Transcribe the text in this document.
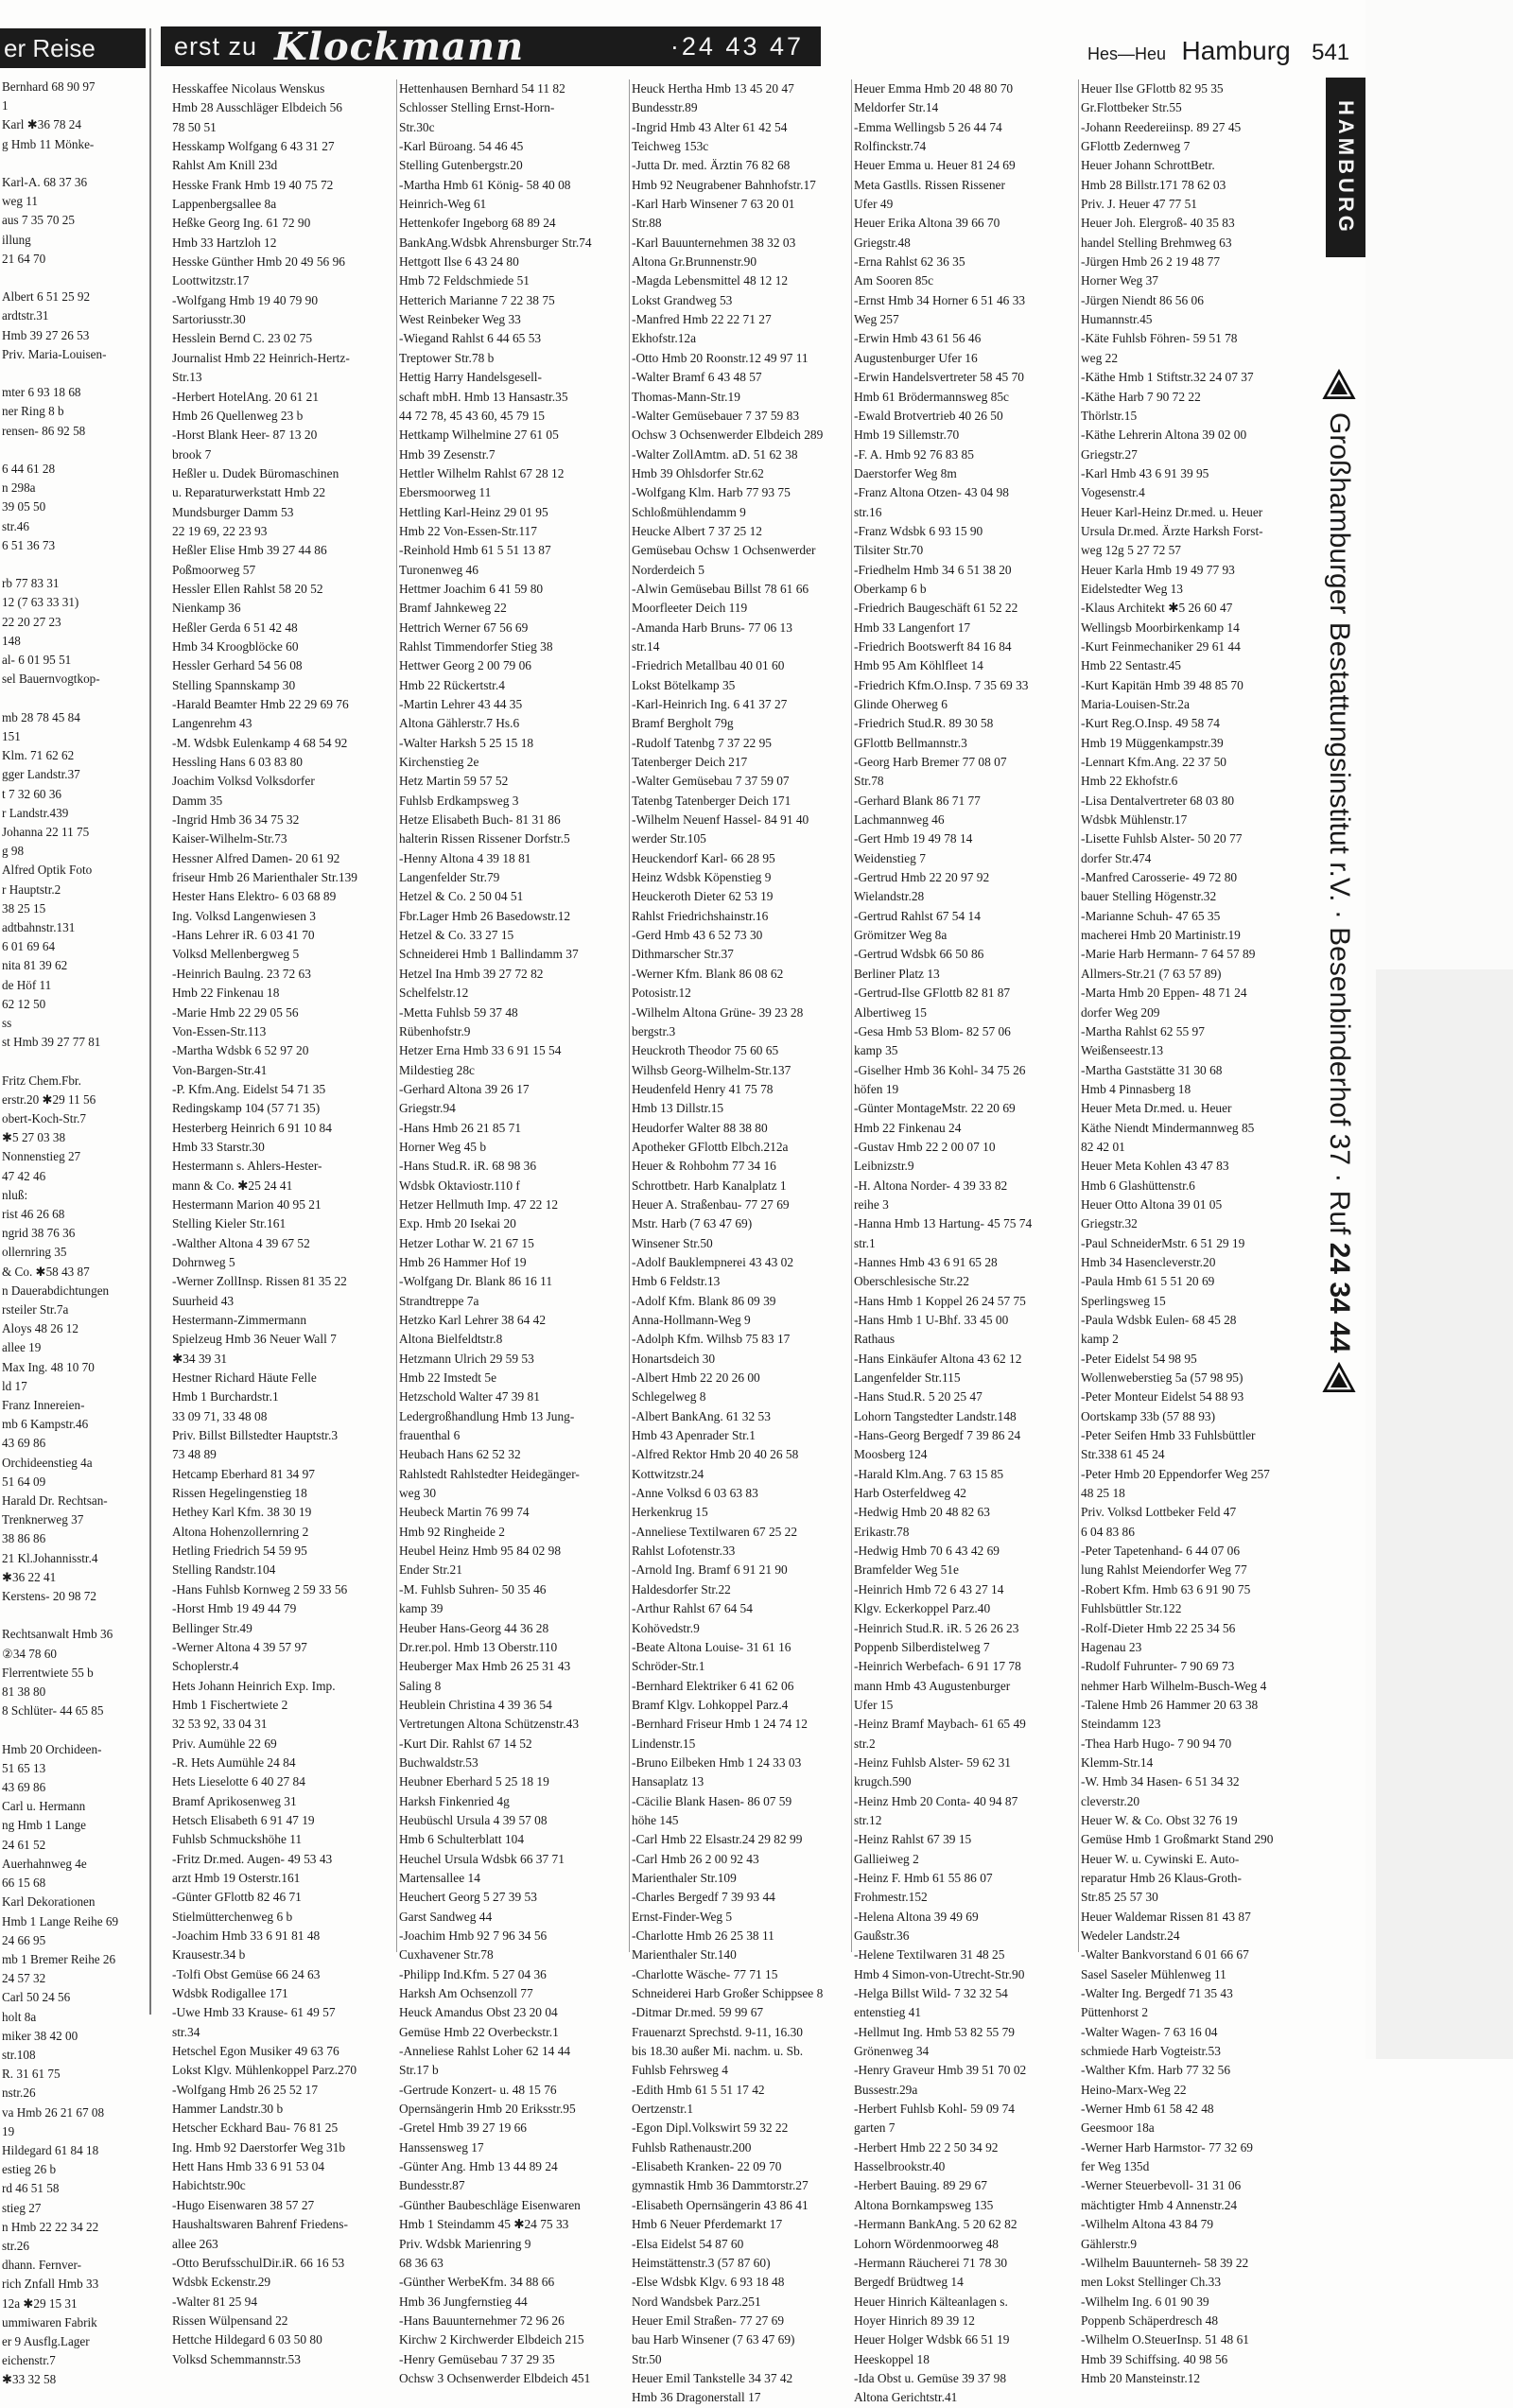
er Reise
Bernhard 68 90 97
1
Karl ✱36 78 24
g Hmb 11 Mönke-

Karl-A. 68 37 36
weg 11
aus 7 35 70 25
illung
21 64 70

Albert 6 51 25 92
ardtstr.31
Hmb 39 27 26 53
Priv. Maria-Louisen-

mter 6 93 18 68
ner Ring 8 b
rensen- 86 92 58

6 44 61 28
n 298a
39 05 50
str.46
6 51 36 73

rb 77 83 31
12 (7 63 33 31)
22 20 27 23
148
al- 6 01 95 51
sel Bauernvogtkop-

mb 28 78 45 84
151
Klm. 71 62 62
gger Landstr.37
t 7 32 60 36
r Landstr.439
Johanna 22 11 75
g 98
Alfred Optik Foto
r Hauptstr.2
38 25 15
adtbahnstr.131
6 01 69 64
nita 81 39 62
de Höf 11
62 12 50
ss
st Hmb 39 27 77 81

Fritz Chem.Fbr.
erstr.20 ✱29 11 56
obert-Koch-Str.7
✱5 27 03 38
Nonnenstieg 27
47 42 46
nluß:
rist 46 26 68
ngrid 38 76 36
ollernring 35
& Co. ✱58 43 87
n Dauerabdichtungen
rsteiler Str.7a
Aloys 48 26 12
allee 19
Max Ing. 48 10 70
ld 17
Franz Innereien-
mb 6 Kampstr.46
43 69 86
Orchideenstieg 4a
51 64 09
Harald Dr. Rechtsan-
Trenknerweg 37
38 86 86
21 Kl.Johannisstr.4
✱36 22 41
Kerstens- 20 98 72

Rechtsanwalt Hmb 36
②34 78 60
Flerrentwiete 55 b
81 38 80
8 Schlüter- 44 65 85

Hmb 20 Orchideen-
51 65 13
43 69 86
Carl u. Hermann
ng Hmb 1 Lange
24 61 52
Auerhahnweg 4e
66 15 68
Karl Dekorationen
Hmb 1 Lange Reihe 69
24 66 95
mb 1 Bremer Reihe 26
24 57 32
Carl 50 24 56
holt 8a
miker 38 42 00
str.108
R. 31 61 75
nstr.26
va Hmb 26 21 67 08
19
Hildegard 61 84 18
estieg 26 b
rd 46 51 58
stieg 27
n Hmb 22 22 34 22
str.26
dhann. Fernver-
rich Znfall Hmb 33
12a ✱29 15 31
ummiwaren Fabrik
er 9 Ausflg.Lager
eichenstr.7
✱33 32 58
erst zu Klockmann	·24 43 47	Hes—Heu Hamburg 541
Hesskaffee Nicolaus Wenskus
Hmb 28 Ausschläger Elbdeich 56
78 50 51
Hesskamp Wolfgang 6 43 31 27
Rahlst Am Knill 23d
Hesske Frank Hmb 19 40 75 72
Lappenbergsallee 8a
Heßke Georg Ing. 61 72 90
Hmb 33 Hartzloh 12
Hesske Günther Hmb 20 49 56 96
Loottwitzstr.17
-Wolfgang Hmb 19 40 79 90
Sartoriusstr.30
Hesslein Bernd C. 23 02 75
Journalist Hmb 22 Heinrich-Hertz-
Str.13
-Herbert HotelAng. 20 61 21
Hmb 26 Quellenweg 23 b
-Horst Blank Heer- 87 13 20
brook 7
Heßler u. Dudek Büromaschinen
u. Reparaturwerkstatt Hmb 22
Mundsburger Damm 53
22 19 69, 22 23 93
Heßler Elise Hmb 39 27 44 86
Poßmoorweg 57
Hessler Ellen Rahlst 58 20 52
Nienkamp 36
Heßler Gerda 6 51 42 48
Hmb 34 Kroogblöcke 60
Hessler Gerhard 54 56 08
Stelling Spannskamp 30
-Harald Beamter Hmb 22 29 69 76
Langenrehm 43
-M. Wdsbk Eulenkamp 4 68 54 92
Hessling Hans 6 03 83 80
Joachim Volksd Volksdorfer
Damm 35
-Ingrid Hmb 36 34 75 32
Kaiser-Wilhelm-Str.73
Hessner Alfred Damen- 20 61 92
friseur Hmb 26 Marienthaler Str.139
Hester Hans Elektro- 6 03 68 89
Ing. Volksd Langenwiesen 3
-Hans Lehrer iR. 6 03 41 70
Volksd Mellenbergweg 5
-Heinrich Baulng. 23 72 63
Hmb 22 Finkenau 18
-Marie Hmb 22 29 05 56
Von-Essen-Str.113
-Martha Wdsbk 6 52 97 20
Von-Bargen-Str.41
-P. Kfm.Ang. Eidelst 54 71 35
Redingskamp 104 (57 71 35)
Hesterberg Heinrich 6 91 10 84
Hmb 33 Starstr.30
Hestermann s. Ahlers-Hester-
mann & Co. ✱25 24 41
Hestermann Marion 40 95 21
Stelling Kieler Str.161
-Walther Altona 4 39 67 52
Dohrnweg 5
-Werner ZollInsp. Rissen 81 35 22
Suurheid 43
Hestermann-Zimmermann
Spielzeug Hmb 36 Neuer Wall 7
✱34 39 31
Hestner Richard Häute Felle
Hmb 1 Burchardstr.1
33 09 71, 33 48 08
Priv. Billst Billstedter Hauptstr.3
73 48 89
Hetcamp Eberhard 81 34 97
Rissen Hegelingenstieg 18
Hethey Karl Kfm. 38 30 19
Altona Hohenzollernring 2
Hetling Friedrich 54 59 95
Stelling Randstr.104
-Hans Fuhlsb Kornweg 2 59 33 56
-Horst Hmb 19 49 44 79
Bellinger Str.49
-Werner Altona 4 39 57 97
Schoplerstr.4
Hets Johann Heinrich Exp. Imp.
Hmb 1 Fischertwiete 2
32 53 92, 33 04 31
Priv. Aumühle 22 69
-R. Hets Aumühle 24 84
Hets Lieselotte 6 40 27 84
Bramf Aprikosenweg 31
Hetsch Elisabeth 6 91 47 19
Fuhlsb Schmuckshöhe 11
-Fritz Dr.med. Augen- 49 53 43
arzt Hmb 19 Osterstr.161
-Günter GFlottb 82 46 71
Stielmütterchenweg 6 b
-Joachim Hmb 33 6 91 81 48
Krausestr.34 b
-Tolfi Obst Gemüse 66 24 63
Wdsbk Rodigallee 171
-Uwe Hmb 33 Krause- 61 49 57
str.34
Hetschel Egon Musiker 49 63 76
Lokst Klgv. Mühlenkoppel Parz.270
-Wolfgang Hmb 26 25 52 17
Hammer Landstr.30 b
Hetscher Eckhard Bau- 76 81 25
Ing. Hmb 92 Daerstorfer Weg 31b
Hett Hans Hmb 33 6 91 53 04
Habichtstr.90c
-Hugo Eisenwaren 38 57 27
Haushaltswaren Bahrenf Friedens-
allee 263
-Otto BerufsschulDir.iR. 66 16 53
Wdsbk Eckenstr.29
-Walter 81 25 94
Rissen Wülpensand 22
Hettche Hildegard 6 03 50 80
Volksd Schemmannstr.53
Hettenhausen Bernhard 54 11 82
Schlosser Stelling Ernst-Horn-
Str.30c
-Karl Büroang. 54 46 45
Stelling Gutenbergstr.20
-Martha Hmb 61 König- 58 40 08
Heinrich-Weg 61
Hettenkofer Ingeborg 68 89 24
BankAng.Wdsbk Ahrensburger Str.74
Hettgott Ilse 6 43 24 80
Hmb 72 Feldschmiede 51
Hetterich Marianne 7 22 38 75
West Reinbeker Weg 33
-Wiegand Rahlst 6 44 65 53
Treptower Str.78 b
Hettig Harry Handelsgesell-
schaft mbH. Hmb 13 Hansastr.35
44 72 78, 45 43 60, 45 79 15
Hettkamp Wilhelmine 27 61 05
Hmb 39 Zesenstr.7
Hettler Wilhelm Rahlst 67 28 12
Ebersmoorweg 11
Hettling Karl-Heinz 29 01 95
Hmb 22 Von-Essen-Str.117
-Reinhold Hmb 61 5 51 13 87
Turonenweg 46
Hettmer Joachim 6 41 59 80
Bramf Jahnkeweg 22
Hettrich Werner 67 56 69
Rahlst Timmendorfer Stieg 38
Hettwer Georg 2 00 79 06
Hmb 22 Rückertstr.4
-Martin Lehrer 43 44 35
Altona Gählerstr.7 Hs.6
-Walter Harksh 5 25 15 18
Kirchenstieg 2e
Hetz Martin 59 57 52
Fuhlsb Erdkampsweg 3
Hetze Elisabeth Buch- 81 31 86
halterin Rissen Rissener Dorfstr.5
-Henny Altona 4 39 18 81
Langenfelder Str.79
Hetzel & Co. 2 50 04 51
Fbr.Lager Hmb 26 Basedowstr.12
Hetzel & Co. 33 27 15
Schneiderei Hmb 1 Ballindamm 37
Hetzel Ina Hmb 39 27 72 82
Schelfelstr.12
-Metta Fuhlsb 59 37 48
Rübenhofstr.9
Hetzer Erna Hmb 33 6 91 15 54
Mildestieg 28c
-Gerhard Altona 39 26 17
Griegstr.94
-Hans Hmb 26 21 85 71
Horner Weg 45 b
-Hans Stud.R. iR. 68 98 36
Wdsbk Oktaviostr.110 f
Hetzer Hellmuth Imp. 47 22 12
Exp. Hmb 20 Isekai 20
Hetzer Lothar W. 21 67 15
Hmb 26 Hammer Hof 19
-Wolfgang Dr. Blank 86 16 11
Strandtreppe 7a
Hetzko Karl Lehrer 38 64 42
Altona Bielfeldtstr.8
Hetzmann Ulrich 29 59 53
Hmb 22 Imstedt 5e
Hetzschold Walter 47 39 81
Ledergroßhandlung Hmb 13 Jung-
frauenthal 6
Heubach Hans 62 52 32
Rahlstedt Rahlstedter Heidegänger-
weg 30
Heubeck Martin 76 99 74
Hmb 92 Ringheide 2
Heubel Heinz Hmb 95 84 02 98
Ender Str.21
-M. Fuhlsb Suhren- 50 35 46
kamp 39
Heuber Hans-Georg 44 36 28
Dr.rer.pol. Hmb 13 Oberstr.110
Heuberger Max Hmb 26 25 31 43
Saling 8
Heublein Christina 4 39 36 54
Vertretungen Altona Schützenstr.43
-Kurt Dir. Rahlst 67 14 52
Buchwaldstr.53
Heubner Eberhard 5 25 18 19
Harksh Finkenried 4g
Heubüschl Ursula 4 39 57 08
Hmb 6 Schulterblatt 104
Heuchel Ursula Wdsbk 66 37 71
Martensallee 14
Heuchert Georg 5 27 39 53
Garst Sandweg 44
-Joachim Hmb 92 7 96 34 56
Cuxhavener Str.78
-Philipp Ind.Kfm. 5 27 04 36
Harksh Am Ochsenzoll 77
Heuck Amandus Obst 23 20 04
Gemüse Hmb 22 Overbeckstr.1
-Anneliese Rahlst Loher 62 14 44
Str.17 b
-Gertrude Konzert- u. 48 15 76
Opernsängerin Hmb 20 Eriksstr.95
-Gretel Hmb 39 27 19 66
Hanssensweg 17
-Günter Ang. Hmb 13 44 89 24
Bundesstr.87
-Günther Baubeschläge Eisenwaren
Hmb 1 Steindamm 45 ✱24 75 33
Priv. Wdsbk Marienring 9
68 36 63
-Günther WerbeKfm. 34 88 66
Hmb 36 Jungfernstieg 44
-Hans Bauunternehmer 72 96 26
Kirchw 2 Kirchwerder Elbdeich 215
-Henry Gemüsebau 7 37 29 35
Ochsw 3 Ochsenwerder Elbdeich 451
Heuck Hertha Hmb 13 45 20 47
Bundesstr.89
-Ingrid Hmb 43 Alter 61 42 54
Teichweg 153c
-Jutta Dr. med. Ärztin 76 82 68
Hmb 92 Neugrabener Bahnhofstr.17
-Karl Harb Winsener 7 63 20 01
Str.88
-Karl Bauunternehmen 38 32 03
Altona Gr.Brunnenstr.90
-Magda Lebensmittel 48 12 12
Lokst Grandweg 53
-Manfred Hmb 22 22 71 27
Ekhofstr.12a
-Otto Hmb 20 Roonstr.12 49 97 11
-Walter Bramf 6 43 48 57
Thomas-Mann-Str.19
-Walter Gemüsebauer 7 37 59 83
Ochsw 3 Ochsenwerder Elbdeich 289
-Walter ZollAmtm. aD. 51 62 38
Hmb 39 Ohlsdorfer Str.62
-Wolfgang Klm. Harb 77 93 75
Schloßmühlendamm 9
Heucke Albert 7 37 25 12
Gemüsebau Ochsw 1 Ochsenwerder
Norderdeich 5
-Alwin Gemüsebau Billst 78 61 66
Moorfleeter Deich 119
-Amanda Harb Bruns- 77 06 13
str.14
-Friedrich Metallbau 40 01 60
Lokst Bötelkamp 35
-Karl-Heinrich Ing. 6 41 37 27
Bramf Bergholt 79g
-Rudolf Tatenbg 7 37 22 95
Tatenberger Deich 217
-Walter Gemüsebau 7 37 59 07
Tatenbg Tatenberger Deich 171
-Wilhelm Neuenf Hassel- 84 91 40
werder Str.105
Heuckendorf Karl- 66 28 95
Heinz Wdsbk Köpenstieg 9
Heuckeroth Dieter 62 53 19
Rahlst Friedrichshainstr.16
-Gerd Hmb 43 6 52 73 30
Dithmarscher Str.37
-Werner Kfm. Blank 86 08 62
Potosistr.12
-Wilhelm Altona Grüne- 39 23 28
bergstr.3
Heuckroth Theodor 75 60 65
Wilhsb Georg-Wilhelm-Str.137
Heudenfeld Henry 41 75 78
Hmb 13 Dillstr.15
Heudorfer Walter 88 38 80
Apotheker GFlottb Elbch.212a
Heuer & Rohbohm 77 34 16
Schrottbetr. Harb Kanalplatz 1
Heuer A. Straßenbau- 77 27 69
Mstr. Harb (7 63 47 69)
Winsener Str.50
-Adolf Bauklempnerei 43 43 02
Hmb 6 Feldstr.13
-Adolf Kfm. Blank 86 09 39
Anna-Hollmann-Weg 9
-Adolph Kfm. Wilhsb 75 83 17
Honartsdeich 30
-Albert Hmb 22 20 26 00
Schlegelweg 8
-Albert BankAng. 61 32 53
Hmb 43 Apenrader Str.1
-Alfred Rektor Hmb 20 40 26 58
Kottwitzstr.24
-Anne Volksd 6 03 63 83
Herkenkrug 15
-Anneliese Textilwaren 67 25 22
Rahlst Lofotenstr.33
-Arnold Ing. Bramf 6 91 21 90
Haldesdorfer Str.22
-Arthur Rahlst 67 64 54
Kohövedstr.9
-Beate Altona Louise- 31 61 16
Schröder-Str.1
-Bernhard Elektriker 6 41 62 06
Bramf Klgv. Lohkoppel Parz.4
-Bernhard Friseur Hmb 1 24 74 12
Lindenstr.15
-Bruno Eilbeken Hmb 1 24 33 03
Hansaplatz 13
-Cäcilie Blank Hasen- 86 07 59
höhe 145
-Carl Hmb 22 Elsastr.24 29 82 99
-Carl Hmb 26 2 00 92 43
Marienthaler Str.109
-Charles Bergedf 7 39 93 44
Ernst-Finder-Weg 5
-Charlotte Hmb 26 25 38 11
Marienthaler Str.140
-Charlotte Wäsche- 77 71 15
Schneiderei Harb Großer Schippsee 8
-Ditmar Dr.med. 59 99 67
Frauenarzt Sprechstd. 9-11, 16.30
bis 18.30 außer Mi. nachm. u. Sb.
Fuhlsb Fehrsweg 4
-Edith Hmb 61 5 51 17 42
Oertzenstr.1
-Egon Dipl.Volkswirt 59 32 22
Fuhlsb Rathenaustr.200
-Elisabeth Kranken- 22 09 70
gymnastik Hmb 36 Dammtorstr.27
-Elisabeth Opernsängerin 43 86 41
Hmb 6 Neuer Pferdemarkt 17
-Elsa Eidelst 54 87 60
Heimstättenstr.3 (57 87 60)
-Else Wdsbk Klgv. 6 93 18 48
Nord Wandsbek Parz.251
Heuer Emil Straßen- 77 27 69
bau Harb Winsener (7 63 47 69)
Str.50
Heuer Emil Tankstelle 34 37 42
Hmb 36 Dragonerstall 17
Heuer Emma Hmb 20 48 80 70
Meldorfer Str.14
-Emma Wellingsb 5 26 44 74
Rolfinckstr.74
Heuer Emma u. Heuer 81 24 69
Meta Gastlls. Rissen Rissener
Ufer 49
Heuer Erika Altona 39 66 70
Griegstr.48
-Erna Rahlst 62 36 35
Am Sooren 85c
-Ernst Hmb 34 Horner 6 51 46 33
Weg 257
-Erwin Hmb 43 61 56 46
Augustenburger Ufer 16
-Erwin Handelsvertreter 58 45 70
Hmb 61 Brödermannsweg 85c
-Ewald Brotvertrieb 40 26 50
Hmb 19 Sillemstr.70
-F. A. Hmb 92 76 83 85
Daerstorfer Weg 8m
-Franz Altona Otzen- 43 04 98
str.16
-Franz Wdsbk 6 93 15 90
Tilsiter Str.70
-Friedhelm Hmb 34 6 51 38 20
Oberkamp 6 b
-Friedrich Baugeschäft 61 52 22
Hmb 33 Langenfort 17
-Friedrich Bootswerft 84 16 84
Hmb 95 Am Köhlfleet 14
-Friedrich Kfm.O.Insp. 7 35 69 33
Glinde Oherweg 6
-Friedrich Stud.R. 89 30 58
GFlottb Bellmannstr.3
-Georg Harb Bremer 77 08 07
Str.78
-Gerhard Blank 86 71 77
Lachmannweg 46
-Gert Hmb 19 49 78 14
Weidenstieg 7
-Gertrud Hmb 22 20 97 92
Wielandstr.28
-Gertrud Rahlst 67 54 14
Grömitzer Weg 8a
-Gertrud Wdsbk 66 50 86
Berliner Platz 13
-Gertrud-Ilse GFlottb 82 81 87
Albertiweg 15
-Gesa Hmb 53 Blom- 82 57 06
kamp 35
-Giselher Hmb 36 Kohl- 34 75 26
höfen 19
-Günter MontageMstr. 22 20 69
Hmb 22 Finkenau 24
-Gustav Hmb 22 2 00 07 10
Leibnizstr.9
-H. Altona Norder- 4 39 33 82
reihe 3
-Hanna Hmb 13 Hartung- 45 75 74
str.1
-Hannes Hmb 43 6 91 65 28
Oberschlesische Str.22
-Hans Hmb 1 Koppel 26 24 57 75
-Hans Hmb 1 U-Bhf. 33 45 00
Rathaus
-Hans Einkäufer Altona 43 62 12
Langenfelder Str.115
-Hans Stud.R. 5 20 25 47
Lohorn Tangstedter Landstr.148
-Hans-Georg Bergedf 7 39 86 24
Moosberg 124
-Harald Klm.Ang. 7 63 15 85
Harb Osterfeldweg 42
-Hedwig Hmb 20 48 82 63
Erikastr.78
-Hedwig Hmb 70 6 43 42 69
Bramfelder Weg 51e
-Heinrich Hmb 72 6 43 27 14
Klgv. Eckerkoppel Parz.40
-Heinrich Stud.R. iR. 5 26 26 23
Poppenb Silberdistelweg 7
-Heinrich Werbefach- 6 91 17 78
mann Hmb 43 Augustenburger
Ufer 15
-Heinz Bramf Maybach- 61 65 49
str.2
-Heinz Fuhlsb Alster- 59 62 31
krugch.590
-Heinz Hmb 20 Conta- 40 94 87
str.12
-Heinz Rahlst 67 39 15
Gallieiweg 2
-Heinz F. Hmb 61 55 86 07
Frohmestr.152
-Helena Altona 39 49 69
Gaußstr.36
-Helene Textilwaren 31 48 25
Hmb 4 Simon-von-Utrecht-Str.90
-Helga Billst Wild- 7 32 32 54
entenstieg 41
-Hellmut Ing. Hmb 53 82 55 79
Grönenweg 34
-Henry Graveur Hmb 39 51 70 02
Bussestr.29a
-Herbert Fuhlsb Kohl- 59 09 74
garten 7
-Herbert Hmb 22 2 50 34 92
Hasselbrookstr.40
-Herbert Bauing. 89 29 67
Altona Bornkampsweg 135
-Hermann BankAng. 5 20 62 82
Lohorn Wördenmoorweg 48
-Hermann Räucherei 71 78 30
Bergedf Brüdtweg 14
Heuer Hinrich Kälteanlagen s.
Hoyer Hinrich 89 39 12
Heuer Holger Wdsbk 66 51 19
Heeskoppel 18
-Ida Obst u. Gemüse 39 37 98
Altona Gerichtstr.41
Heuer Ilse GFlottb 82 95 35
Gr.Flottbeker Str.55
-Johann Reedereiinsp. 89 27 45
GFlottb Zedernweg 7
Heuer Johann SchrottBetr.
Hmb 28 Billstr.171 78 62 03
Priv. J. Heuer 47 77 51
Heuer Joh. Elergroß- 40 35 83
handel Stelling Brehmweg 63
-Jürgen Hmb 26 2 19 48 77
Horner Weg 37
-Jürgen Niendt 86 56 06
Humannstr.45
-Käte Fuhlsb Föhren- 59 51 78
weg 22
-Käthe Hmb 1 Stiftstr.32 24 07 37
-Käthe Harb 7 90 72 22
Thörlstr.15
-Käthe Lehrerin Altona 39 02 00
Griegstr.27
-Karl Hmb 43 6 91 39 95
Vogesenstr.4
Heuer Karl-Heinz Dr.med. u. Heuer
Ursula Dr.med. Ärzte Harksh Forst-
weg 12g 5 27 72 57
Heuer Karla Hmb 19 49 77 93
Eidelstedter Weg 13
-Klaus Architekt ✱5 26 60 47
Wellingsb Moorbirkenkamp 14
-Kurt Feinmechaniker 29 61 44
Hmb 22 Sentastr.45
-Kurt Kapitän Hmb 39 48 85 70
Maria-Louisen-Str.2a
-Kurt Reg.O.Insp. 49 58 74
Hmb 19 Müggenkampstr.39
-Lennart Kfm.Ang. 22 37 50
Hmb 22 Ekhofstr.6
-Lisa Dentalvertreter 68 03 80
Wdsbk Mühlenstr.17
-Lisette Fuhlsb Alster- 50 20 77
dorfer Str.474
-Manfred Carosserie- 49 72 80
bauer Stelling Högenstr.32
-Marianne Schuh- 47 65 35
macherei Hmb 20 Martinistr.19
-Marie Harb Hermann- 7 64 57 89
Allmers-Str.21 (7 63 57 89)
-Marta Hmb 20 Eppen- 48 71 24
dorfer Weg 209
-Martha Rahlst 62 55 97
Weißenseestr.13
-Martha Gaststätte 31 30 68
Hmb 4 Pinnasberg 18
Heuer Meta Dr.med. u. Heuer
Käthe Niendt Mindermannweg 85
82 42 01
Heuer Meta Kohlen 43 47 83
Hmb 6 Glashüttenstr.6
Heuer Otto Altona 39 01 05
Griegstr.32
-Paul SchneiderMstr. 6 51 29 19
Hmb 34 Hasencleverstr.20
-Paula Hmb 61 5 51 20 69
Sperlingsweg 15
-Paula Wdsbk Eulen- 68 45 28
kamp 2
-Peter Eidelst 54 98 95
Wollenweberstieg 5a (57 98 95)
-Peter Monteur Eidelst 54 88 93
Oortskamp 33b (57 88 93)
-Peter Seifen Hmb 33 Fuhlsbüttler
Str.338 61 45 24
-Peter Hmb 20 Eppendorfer Weg 257
48 25 18
Priv. Volksd Lottbeker Feld 47
6 04 83 86
-Peter Tapetenhand- 6 44 07 06
lung Rahlst Meiendorfer Weg 77
-Robert Kfm. Hmb 63 6 91 90 75
Fuhlsbüttler Str.122
-Rolf-Dieter Hmb 22 25 34 56
Hagenau 23
-Rudolf Fuhrunter- 7 90 69 73
nehmer Harb Wilhelm-Busch-Weg 4
-Talene Hmb 26 Hammer 20 63 38
Steindamm 123
-Thea Harb Hugo- 7 90 94 70
Klemm-Str.14
-W. Hmb 34 Hasen- 6 51 34 32
cleverstr.20
Heuer W. & Co. Obst 32 76 19
Gemüse Hmb 1 Großmarkt Stand 290
Heuer W. u. Cywinski E. Auto-
reparatur Hmb 26 Klaus-Groth-
Str.85 25 57 30
Heuer Waldemar Rissen 81 43 87
Wedeler Landstr.24
-Walter Bankvorstand 6 01 66 67
Sasel Saseler Mühlenweg 11
-Walter Ing. Bergedf 71 35 43
Püttenhorst 2
-Walter Wagen- 7 63 16 04
schmiede Harb Vogteistr.53
-Walther Kfm. Harb 77 32 56
Heino-Marx-Weg 22
-Werner Hmb 61 58 42 48
Geesmoor 18a
-Werner Harb Harmstor- 77 32 69
fer Weg 135d
-Werner Steuerbevoll- 31 31 06
mächtigter Hmb 4 Annenstr.24
-Wilhelm Altona 43 84 79
Gählerstr.9
-Wilhelm Bauunterneh- 58 39 22
men Lokst Stellinger Ch.33
-Wilhelm Ing. 6 01 90 39
Poppenb Schäperdresch 48
-Wilhelm O.SteuerInsp. 51 48 61
Hmb 39 Schiffsing. 40 98 56
Hmb 20 Mansteinstr.12
HAMBURG
Großhamburger Bestattungsinstitut r.V. · Besenbinderhof 37 · Ruf 24 34 44
